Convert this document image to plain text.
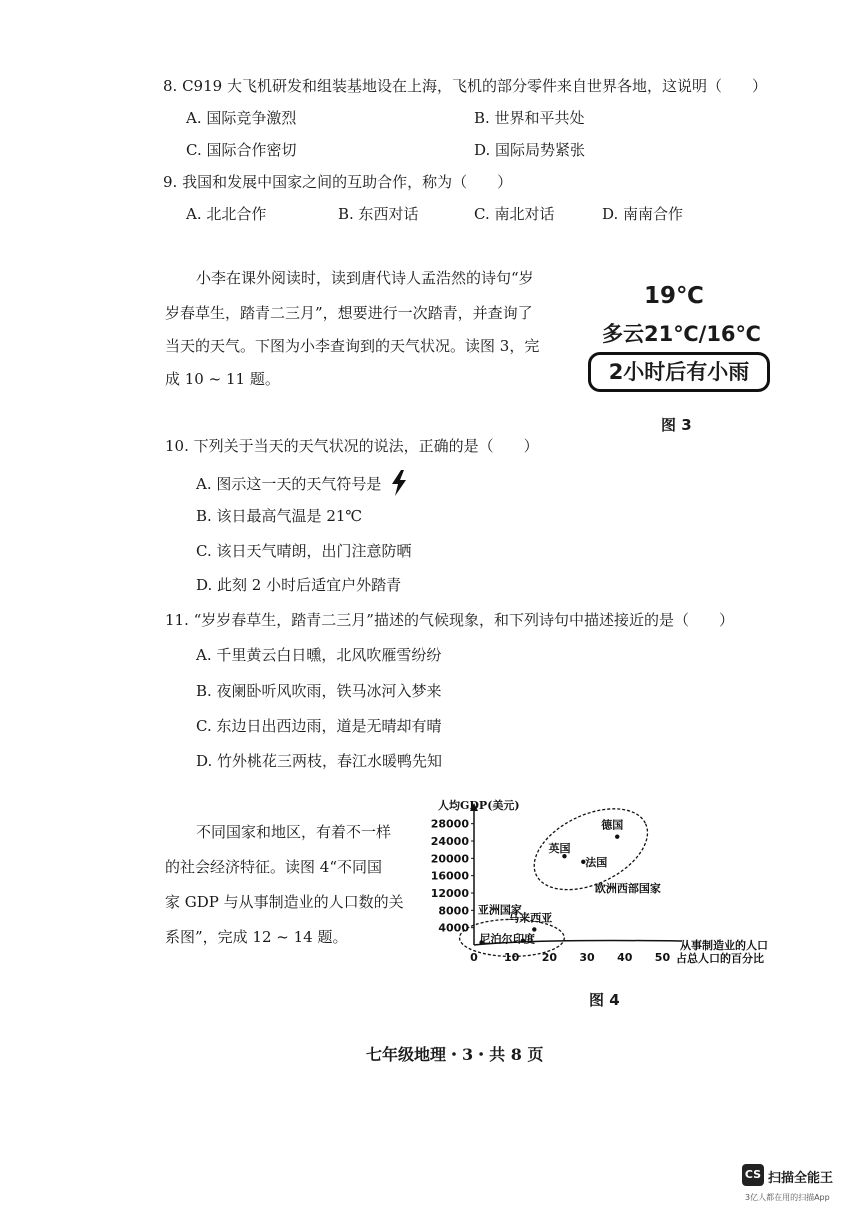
8. C919 大飞机研发和组装基地设在上海，飞机的部分零件来自世界各地，这说明（　　）
A. 国际竞争激烈	B. 世界和平共处
C. 国际合作密切	D. 国际局势紧张
9. 我国和发展中国家之间的互助合作，称为（　　）
A. 北北合作	B. 东西对话	C. 南北对话	D. 南南合作
小李在课外阅读时，读到唐代诗人孟浩然的诗句“岁
岁春草生，踏青二三月”，想要进行一次踏青，并查询了
当天的天气。下图为小李查询到的天气状况。读图 3，完
成 10 ~ 11 题。
19℃
多云21℃/16℃
2小时后有小雨
图 3
10. 下列关于当天的天气状况的说法，正确的是（　　）
A. 图示这一天的天气符号是
B. 该日最高气温是 21℃
C. 该日天气晴朗，出门注意防晒
D. 此刻 2 小时后适宜户外踏青
11. “岁岁春草生，踏青二三月”描述的气候现象，和下列诗句中描述接近的是（　　）
A. 千里黄云白日曛，北风吹雁雪纷纷
B. 夜阑卧听风吹雨，铁马冰河入梦来
C. 东边日出西边雨，道是无晴却有晴
D. 竹外桃花三两枝，春江水暖鸭先知
不同国家和地区，有着不一样
的社会经济特征。读图 4“不同国
家 GDP 与从事制造业的人口数的关
系图”，完成 12 ~ 14 题。
人均GDP(美元)
4000
8000
12000
16000
20000
24000
28000
0 10 20 30 40 50
从事制造业的人口
占总人口的百分比
欧洲西部国家
亚洲国家
德国
英国
法国
马来西亚
尼泊尔 印度
图 4
七年级地理・3・共 8 页
CS 扫描全能王
3亿人都在用的扫描App
